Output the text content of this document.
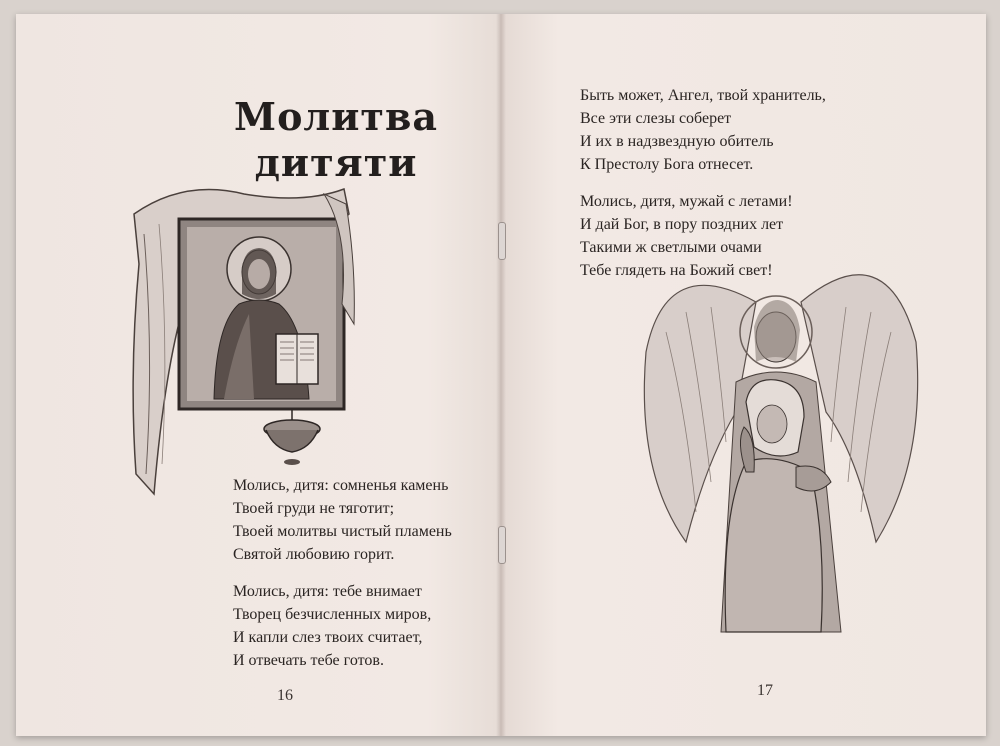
Молитва
дитяти
Молись, дитя: сомненья камень
Твоей груди не тяготит;
Твоей молитвы чистый пламень
Святой любовию горит.
Молись, дитя: тебе внимает
Творец безчисленных миров,
И капли слез твоих считает,
И отвечать тебе готов.
16
Быть может, Ангел, твой хранитель,
Все эти слезы соберет
И их в надзвездную обитель
К Престолу Бога отнесет.
Молись, дитя, мужай с летами!
И дай Бог, в пору поздних лет
Такими ж светлыми очами
Тебе глядеть на Божий свет!
17
